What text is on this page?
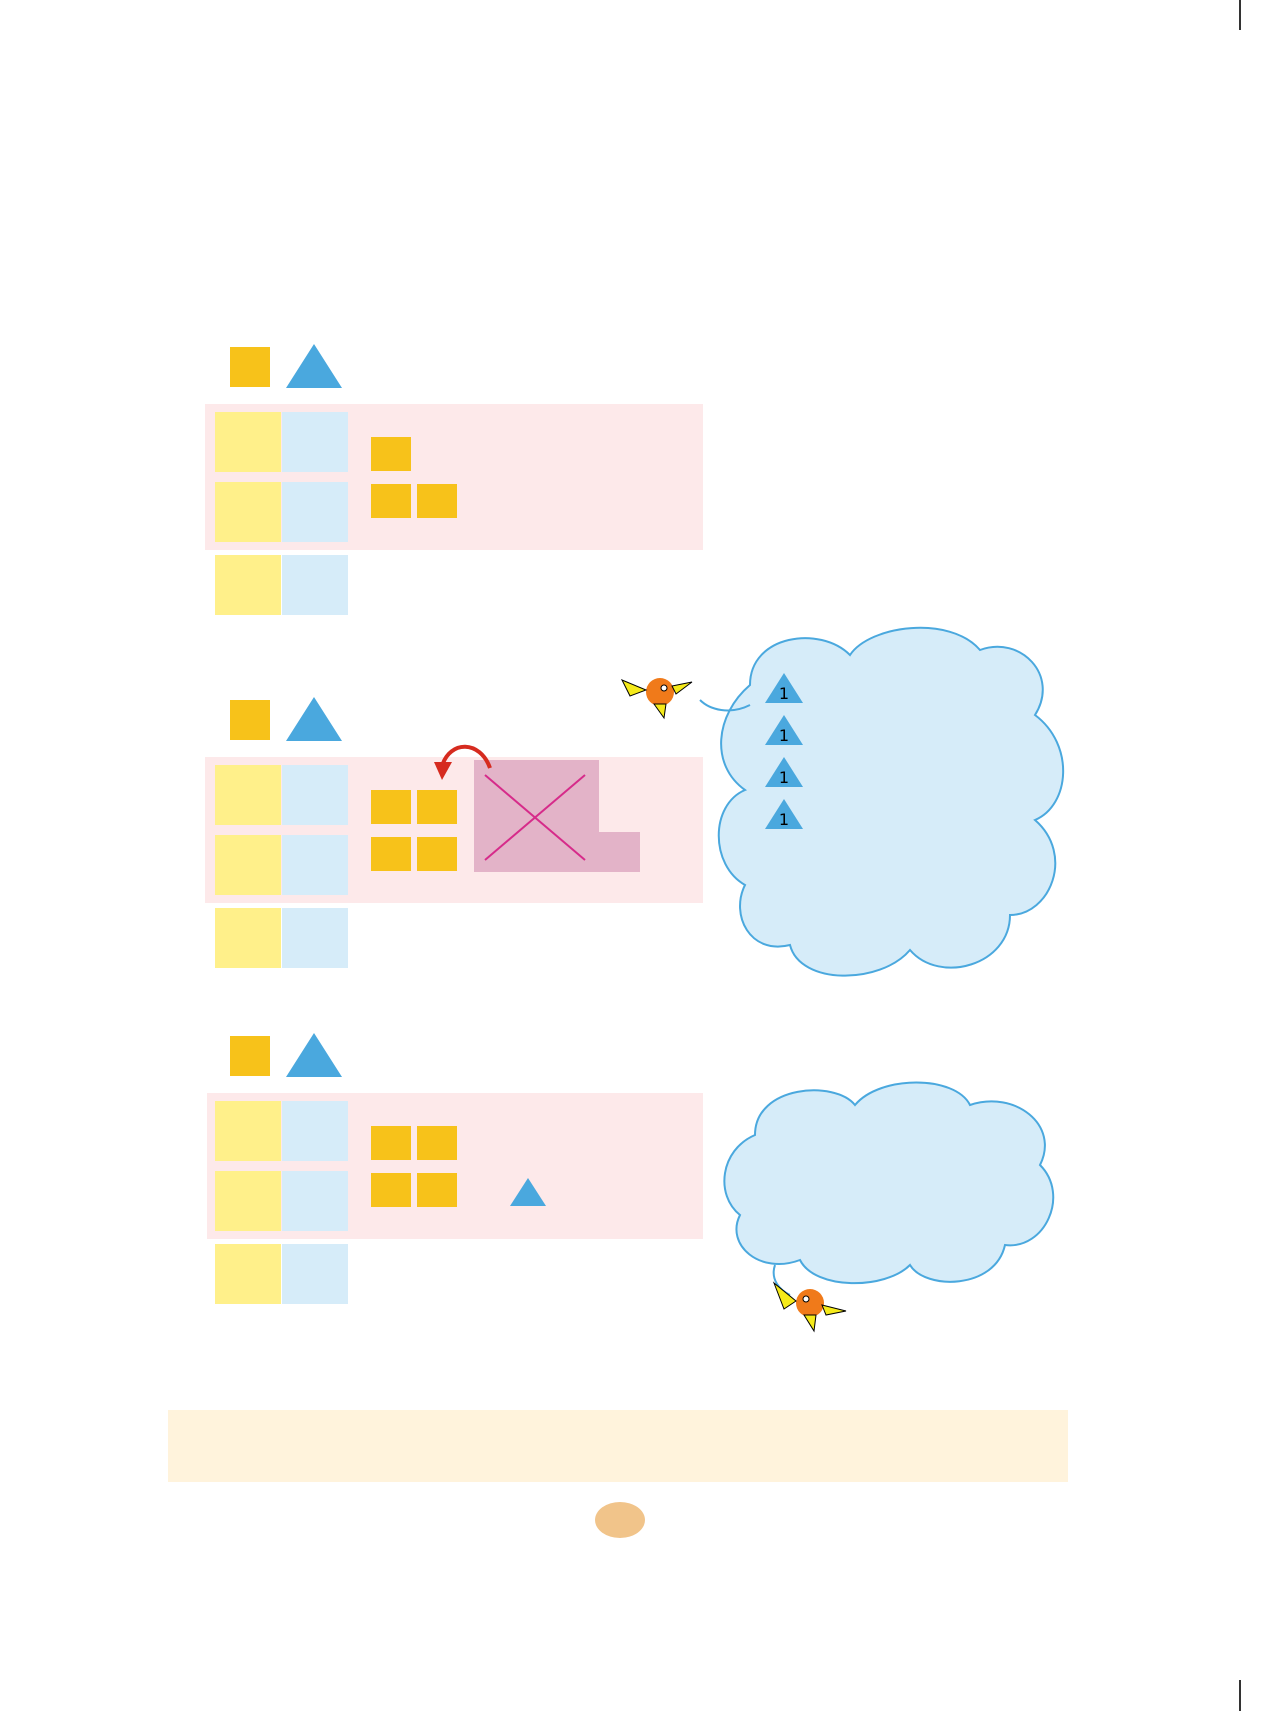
1
1
1

1
